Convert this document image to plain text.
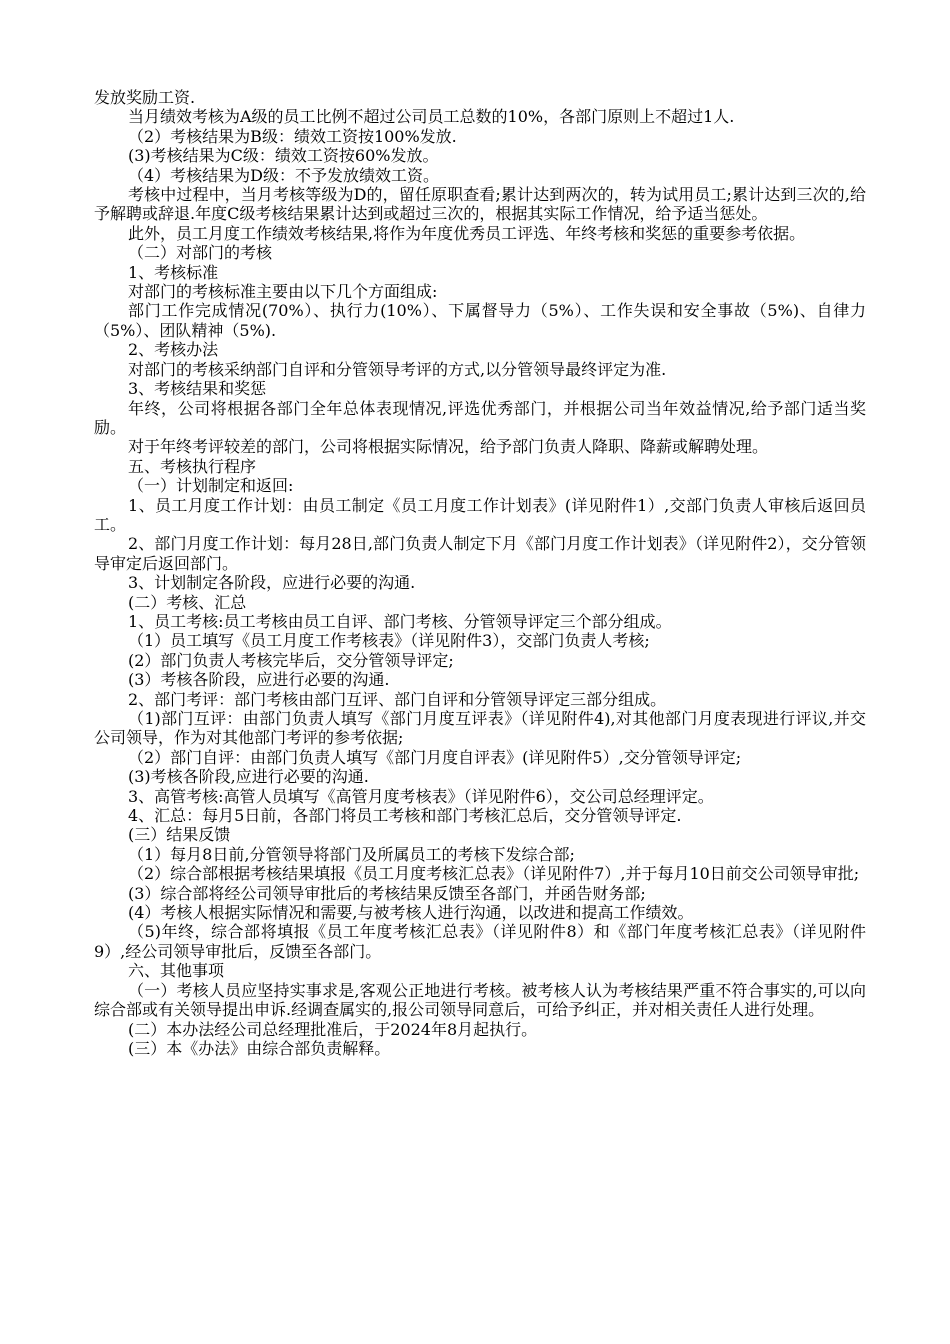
发放奖励工资.

当月绩效考核为A级的员工比例不超过公司员工总数的10%，各部门原则上不超过1人.

（2）考核结果为B级：绩效工资按100%发放.

(3)考核结果为C级：绩效工资按60%发放。

（4）考核结果为D级：不予发放绩效工资。

考核中过程中，当月考核等级为D的，留任原职查看;累计达到两次的，转为试用员工;累计达到三次的,给予解聘或辞退.年度C级考核结果累计达到或超过三次的，根据其实际工作情况，给予适当惩处。

此外，员工月度工作绩效考核结果,将作为年度优秀员工评选、年终考核和奖惩的重要参考依据。

（二）对部门的考核

1、考核标准

对部门的考核标准主要由以下几个方面组成:

部门工作完成情况(70%）、执行力(10%）、下属督导力（5%）、工作失误和安全事故（5%)、自律力（5%）、团队精神（5%).

2、考核办法

对部门的考核采纳部门自评和分管领导考评的方式,以分管领导最终评定为准.

3、考核结果和奖惩

年终，公司将根据各部门全年总体表现情况,评选优秀部门，并根据公司当年效益情况,给予部门适当奖励。

对于年终考评较差的部门，公司将根据实际情况，给予部门负责人降职、降薪或解聘处理。

五、考核执行程序

（一）计划制定和返回:

1、员工月度工作计划：由员工制定《员工月度工作计划表》(详见附件1）,交部门负责人审核后返回员工。

2、部门月度工作计划：每月28日,部门负责人制定下月《部门月度工作计划表》（详见附件2），交分管领导审定后返回部门。

3、计划制定各阶段，应进行必要的沟通.

(二）考核、汇总

1、员工考核:员工考核由员工自评、部门考核、分管领导评定三个部分组成。

（1）员工填写《员工月度工作考核表》（详见附件3），交部门负责人考核;

(2）部门负责人考核完毕后，交分管领导评定;

(3）考核各阶段，应进行必要的沟通.

2、部门考评：部门考核由部门互评、部门自评和分管领导评定三部分组成。

（1)部门互评：由部门负责人填写《部门月度互评表》（详见附件4),对其他部门月度表现进行评议,并交公司领导，作为对其他部门考评的参考依据;

（2）部门自评：由部门负责人填写《部门月度自评表》(详见附件5）,交分管领导评定;

(3)考核各阶段,应进行必要的沟通.

3、高管考核:高管人员填写《高管月度考核表》（详见附件6），交公司总经理评定。

4、汇总：每月5日前，各部门将员工考核和部门考核汇总后，交分管领导评定.

(三）结果反馈

（1）每月8日前,分管领导将部门及所属员工的考核下发综合部;

（2）综合部根据考核结果填报《员工月度考核汇总表》（详见附件7）,并于每月10日前交公司领导审批;

(3）综合部将经公司领导审批后的考核结果反馈至各部门，并函告财务部;

(4）考核人根据实际情况和需要,与被考核人进行沟通，以改进和提高工作绩效。

（5)年终，综合部将填报《员工年度考核汇总表》（详见附件8）和《部门年度考核汇总表》（详见附件9）,经公司领导审批后，反馈至各部门。

六、其他事项

（一）考核人员应坚持实事求是,客观公正地进行考核。被考核人认为考核结果严重不符合事实的,可以向综合部或有关领导提出申诉.经调查属实的,报公司领导同意后，可给予纠正，并对相关责任人进行处理。

(二）本办法经公司总经理批准后，于2024年8月起执行。

(三）本《办法》由综合部负责解释。
